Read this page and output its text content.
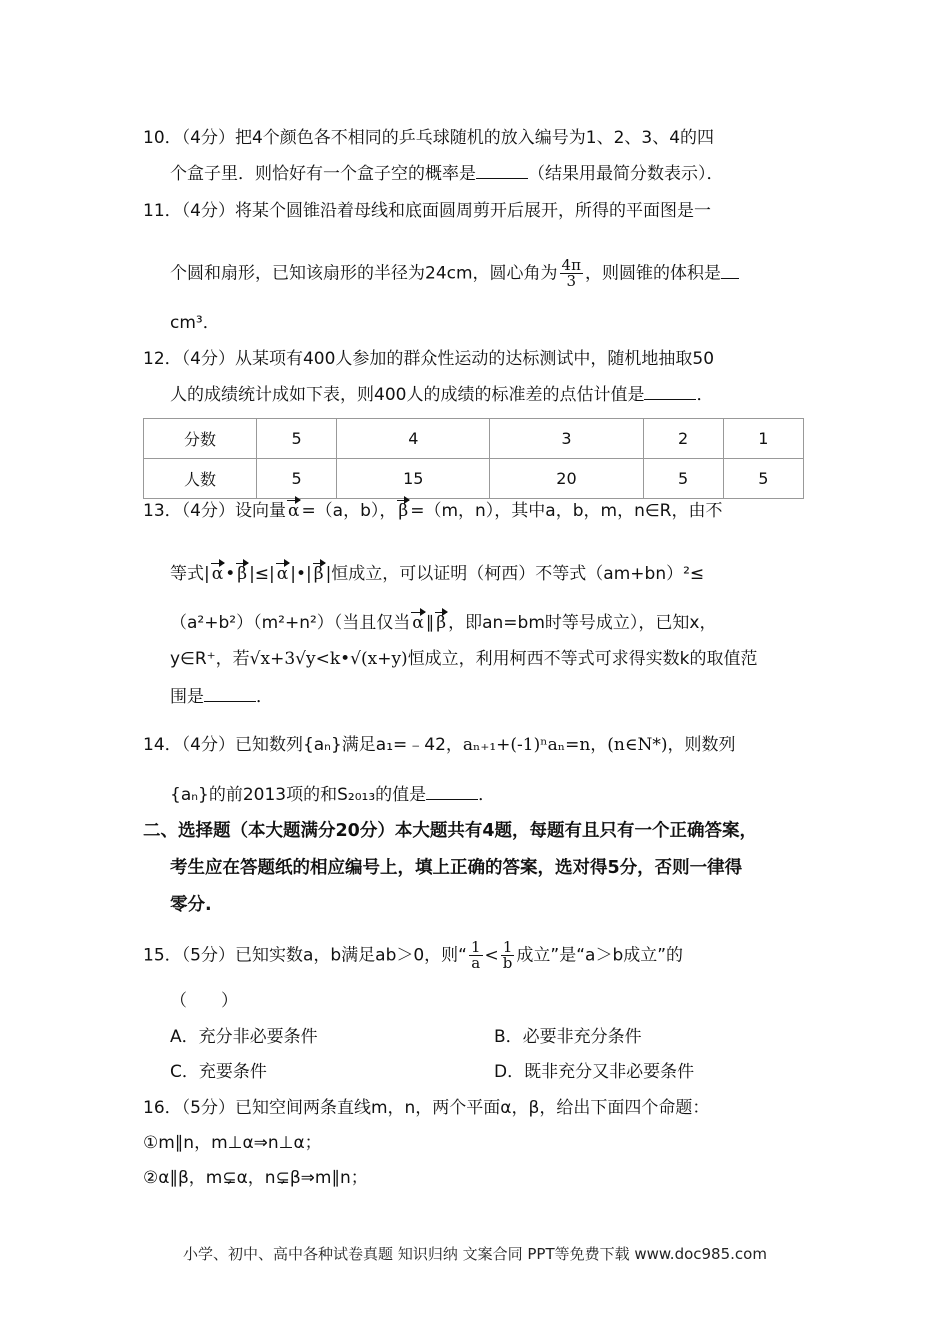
10．（4分）把4个颜色各不相同的乒乓球随机的放入编号为1、2、3、4的四
个盒子里．则恰好有一个盒子空的概率是	（结果用最简分数表示）．
11．（4分）将某个圆锥沿着母线和底面圆周剪开后展开，所得的平面图是一
个圆和扇形，已知该扇形的半径为24cm，圆心角为 $\frac{4\pi}{3}$ ，则圆锥的体积是
cm³．
12．（4分）从某项有400人参加的群众性运动的达标测试中，随机地抽取50
人的成绩统计成如下表，则400人的成绩的标准差的点估计值是	．
分数	5	4	3	2	1
人数	5	15	20	5	5
13．（4分）设向量 α =（a，b）， β =（m，n），其中a，b，m，n∈R，由不
等式| α • β |≤| α |•| β |恒成立，可以证明（柯西）不等式（am+bn）²≤
（a²+b²）（m²+n²）（当且仅当 α ∥ β ，即an=bm时等号成立），已知x，
y∈R⁺，若√x+3√y<k•√(x+y)恒成立，利用柯西不等式可求得实数k的取值范
围是	．
14．（4分）已知数列{aₙ}满足a₁=﹣42，aₙ₊₁+(-1)ⁿaₙ=n，(n∈N*)，则数列
{aₙ}的前2013项的和S₂₀₁₃的值是	．
二、选择题（本大题满分20分）本大题共有4题，每题有且只有一个正确答案，
考生应在答题纸的相应编号上，填上正确的答案，选对得5分，否则一律得
零分.
15．（5分）已知实数a，b满足ab＞0，则“ $\frac{1}{a} < \frac{1}{b}$ 成立”是“a＞b成立”的
（　　）
A．充分非必要条件	B．必要非充分条件
C．充要条件	D．既非充分又非必要条件
16．（5分）已知空间两条直线m，n，两个平面α，β，给出下面四个命题：
①m∥n，m⊥α⇒n⊥α；
②α∥β，m⊊α，n⊊β⇒m∥n；
小学、初中、高中各种试卷真题 知识归纳 文案合同 PPT等免费下载 www.doc985.com
